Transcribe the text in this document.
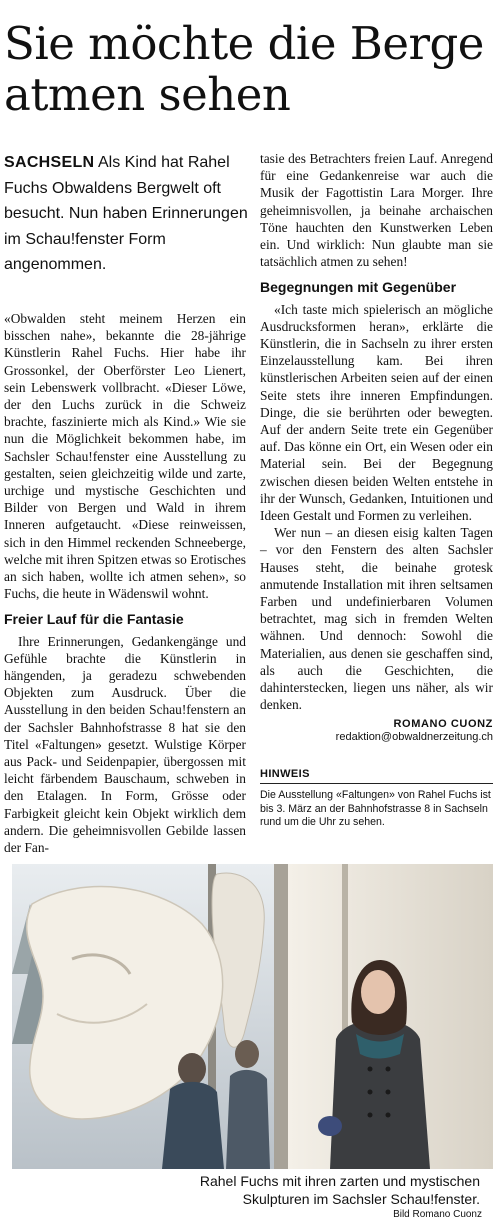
Sie möchte die Berge atmen sehen

SACHSELN Als Kind hat Rahel Fuchs Obwaldens Bergwelt oft besucht. Nun haben Erinnerungen im Schau!fenster Form angenommen.

«Obwalden steht meinem Herzen ein bisschen nahe», bekannte die 28-jährige Künstlerin Rahel Fuchs. Hier habe ihr Grossonkel, der Oberförster Leo Lienert, sein Lebenswerk vollbracht. «Dieser Löwe, der den Luchs zurück in die Schweiz brachte, faszinierte mich als Kind.» Wie sie nun die Möglichkeit bekommen habe, im Sachsler Schau!fenster eine Ausstellung zu gestalten, seien gleichzeitig wilde und zarte, urchige und mystische Geschichten und Bilder von Bergen und Wald in ihrem Inneren aufgetaucht. «Diese reinweissen, sich in den Himmel reckenden Schneeberge, welche mit ihren Spitzen etwas so Erotisches an sich haben, wollte ich atmen sehen», so Fuchs, die heute in Wädenswil wohnt.

Freier Lauf für die Fantasie

Ihre Erinnerungen, Gedankengänge und Gefühle brachte die Künstlerin in hängenden, ja geradezu schwebenden Objekten zum Ausdruck. Über die Ausstellung in den beiden Schau!fenstern an der Sachsler Bahnhofstrasse 8 hat sie den Titel «Faltungen» gesetzt. Wulstige Körper aus Pack- und Seidenpapier, übergossen mit leicht färbendem Bauschaum, schweben in den Etalagen. In Form, Grösse oder Farbigkeit gleicht kein Objekt wirklich dem andern. Die geheimnisvollen Gebilde lassen der Fan-

tasie des Betrachters freien Lauf. Anregend für eine Gedankenreise war auch die Musik der Fagottistin Lara Morger. Ihre geheimnisvollen, ja beinahe archaischen Töne hauchten den Kunstwerken Leben ein. Und wirklich: Nun glaubte man sie tatsächlich atmen zu sehen!

Begegnungen mit Gegenüber

«Ich taste mich spielerisch an mögliche Ausdrucksformen heran», erklärte die Künstlerin, die in Sachseln zu ihrer ersten Einzelausstellung kam. Bei ihren künstlerischen Arbeiten seien auf der einen Seite stets ihre inneren Empfindungen. Dinge, die sie berührten oder bewegten. Auf der andern Seite trete ein Gegenüber auf. Das könne ein Ort, ein Wesen oder ein Material sein. Bei der Begegnung zwischen diesen beiden Welten entstehe in ihr der Wunsch, Gedanken, Intuitionen und Ideen Gestalt und Formen zu verleihen.

Wer nun – an diesen eisig kalten Tagen – vor den Fenstern des alten Sachsler Hauses steht, die beinahe grotesk anmutende Installation mit ihren seltsamen Farben und undefinierbaren Volumen betrachtet, mag sich in fremden Welten wähnen. Und dennoch: Sowohl die Materialien, aus denen sie geschaffen sind, als auch die Geschichten, die dahinterstecken, liegen uns näher, als wir denken.

ROMANO CUONZ
redaktion@obwaldnerzeitung.ch
HINWEIS
Die Ausstellung «Faltungen» von Rahel Fuchs ist bis 3. März an der Bahnhofstrasse 8 in Sachseln rund um die Uhr zu sehen.
Rahel Fuchs mit ihren zarten und mystischen Skulpturen im Sachsler Schau!fenster.
Bild Romano Cuonz
